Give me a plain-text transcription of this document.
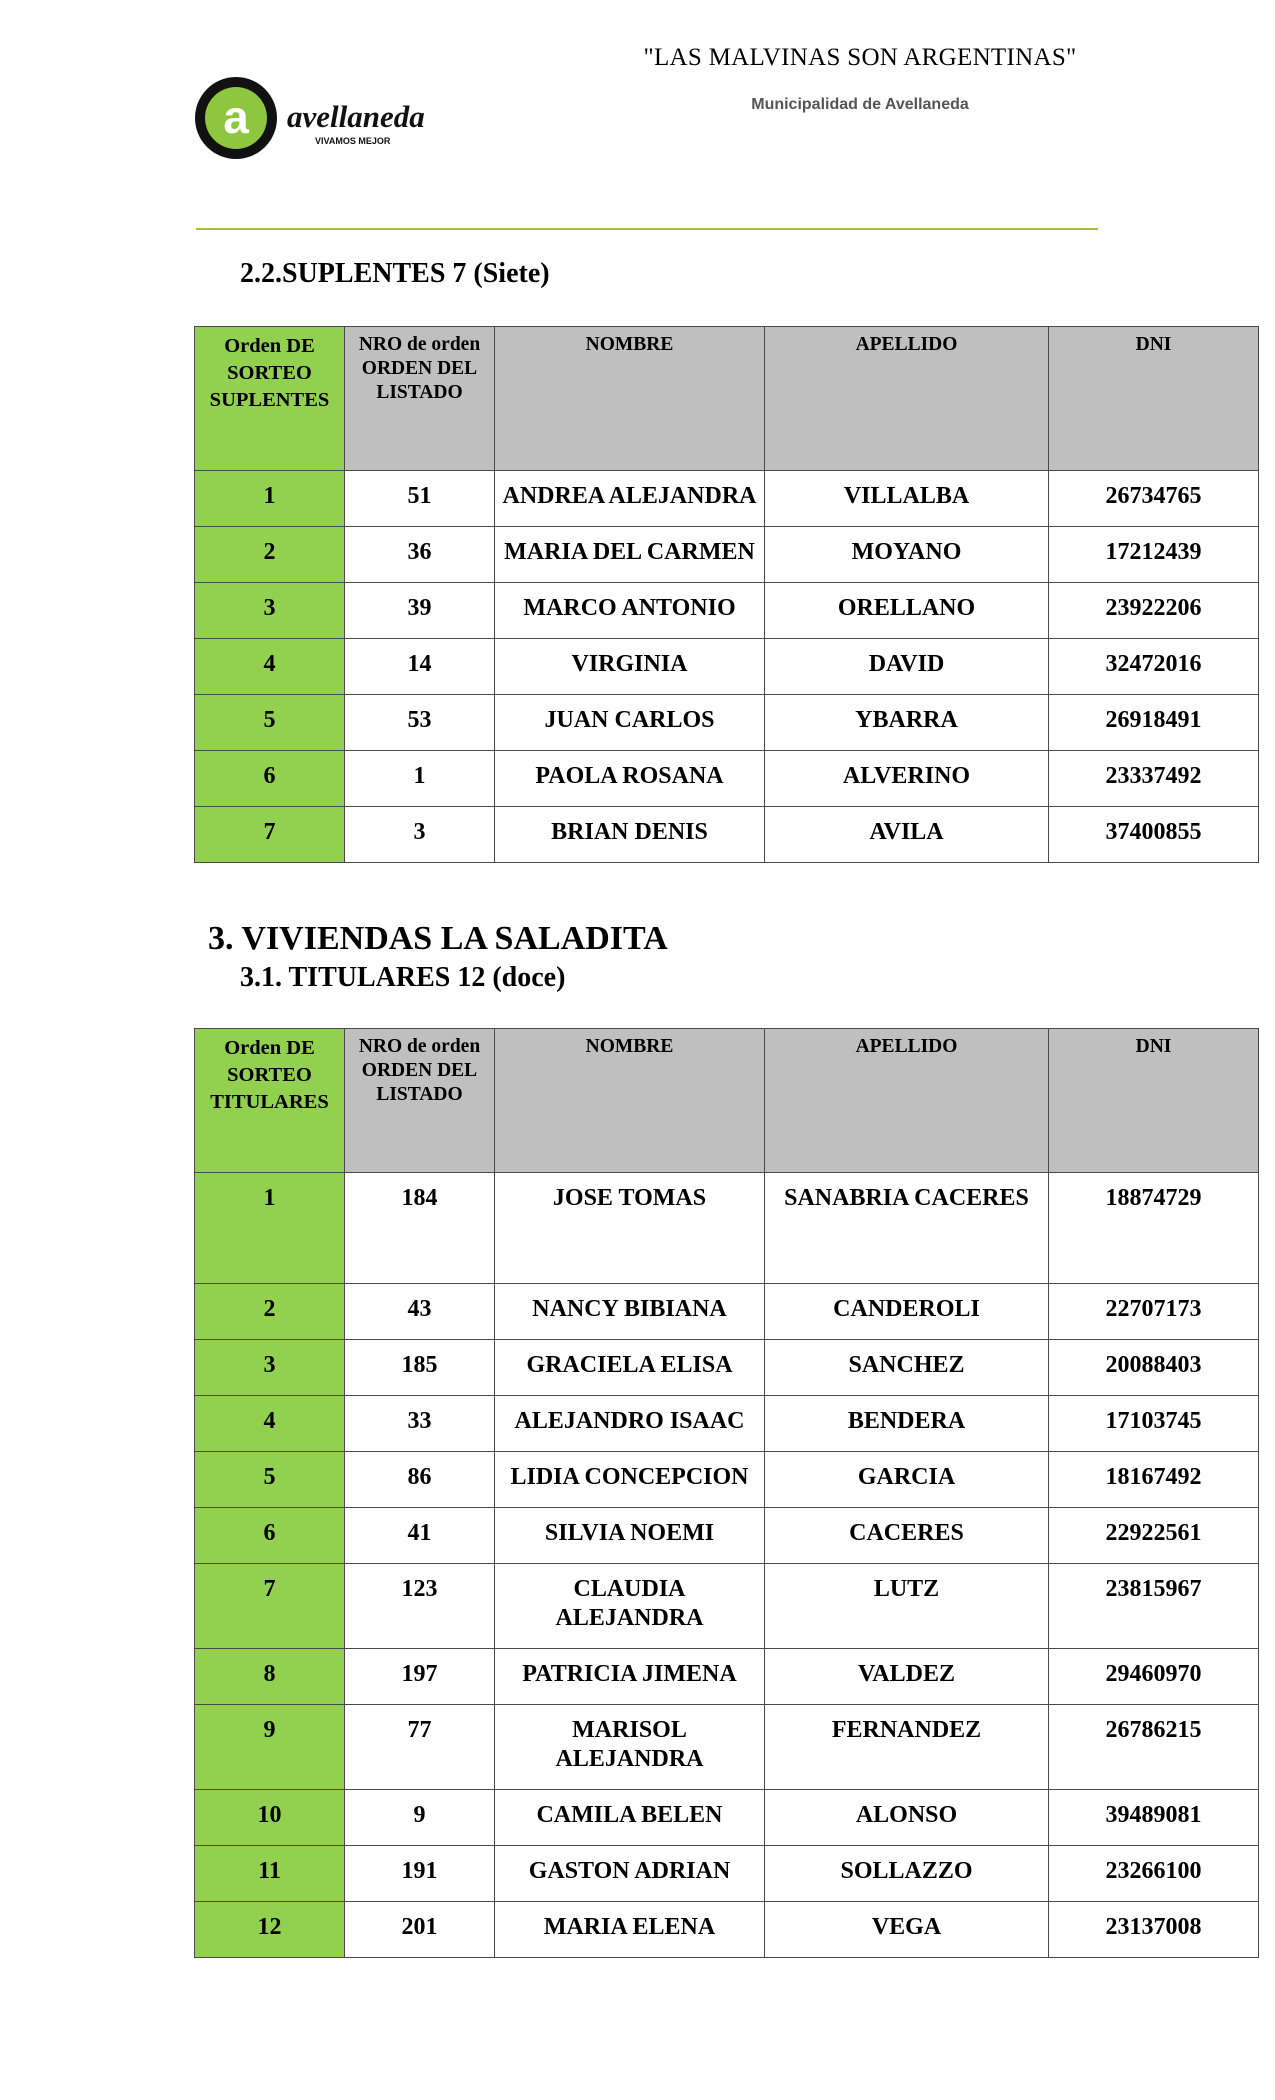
a avellaneda
VIVAMOS MEJOR
"LAS MALVINAS SON ARGENTINAS"
Municipalidad de Avellaneda
2.2.SUPLENTES 7 (Siete)
Orden DE SORTEO SUPLENTES	NRO de orden ORDEN DEL LISTADO	NOMBRE	APELLIDO	DNI
1	51	ANDREA ALEJANDRA	VILLALBA	26734765
2	36	MARIA DEL CARMEN	MOYANO	17212439
3	39	MARCO ANTONIO	ORELLANO	23922206
4	14	VIRGINIA	DAVID	32472016
5	53	JUAN CARLOS	YBARRA	26918491
6	1	PAOLA ROSANA	ALVERINO	23337492
7	3	BRIAN DENIS	AVILA	37400855
3. VIVIENDAS LA SALADITA
3.1. TITULARES 12 (doce)
Orden DE SORTEO TITULARES	NRO de orden ORDEN DEL LISTADO	NOMBRE	APELLIDO	DNI
1	184	JOSE TOMAS	SANABRIA CACERES	18874729
2	43	NANCY BIBIANA	CANDEROLI	22707173
3	185	GRACIELA ELISA	SANCHEZ	20088403
4	33	ALEJANDRO ISAAC	BENDERA	17103745
5	86	LIDIA CONCEPCION	GARCIA	18167492
6	41	SILVIA NOEMI	CACERES	22922561
7	123	CLAUDIA ALEJANDRA	LUTZ	23815967
8	197	PATRICIA JIMENA	VALDEZ	29460970
9	77	MARISOL ALEJANDRA	FERNANDEZ	26786215
10	9	CAMILA BELEN	ALONSO	39489081
11	191	GASTON ADRIAN	SOLLAZZO	23266100
12	201	MARIA ELENA	VEGA	23137008
